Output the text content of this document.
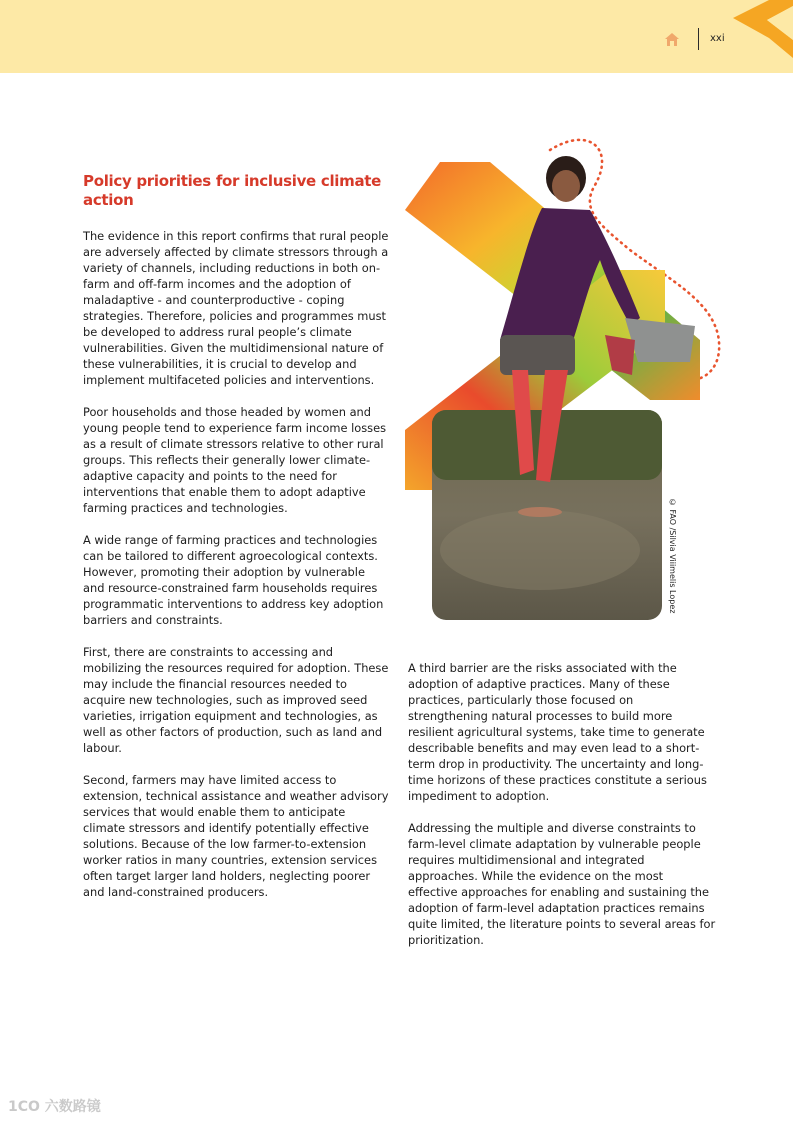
xxi
Policy priorities for inclusive climate action

The evidence in this report confirms that rural people are adversely affected by climate stressors through a variety of channels, including reductions in both on-farm and off-farm incomes and the adoption of maladaptive - and counterproductive - coping strategies. Therefore, policies and programmes must be developed to address rural people’s climate vulnerabilities. Given the multidimensional nature of these vulnerabilities, it is crucial to develop and implement multifaceted policies and interventions.

Poor households and those headed by women and young people tend to experience farm income losses as a result of climate stressors relative to other rural groups. This reflects their generally lower climate-adaptive capacity and points to the need for interventions that enable them to adopt adaptive farming practices and technologies.

A wide range of farming practices and technologies can be tailored to different agroecological contexts. However, promoting their adoption by vulnerable and resource-constrained farm households requires programmatic interventions to address key adoption barriers and constraints.

First, there are constraints to accessing and mobilizing the resources required for adoption. These may include the financial resources needed to acquire new technologies, such as improved seed varieties, irrigation equipment and technologies, as well as other factors of production, such as land and labour.

Second, farmers may have limited access to extension, technical assistance and weather advisory services that would enable them to anticipate climate stressors and identify potentially effective solutions. Because of the low farmer-to-extension worker ratios in many countries, extension services often target larger land holders, neglecting poorer and land-constrained producers.

© FAO /Silvia Viiimelis Lopez

A third barrier are the risks associated with the adoption of adaptive practices. Many of these practices, particularly those focused on strengthening natural processes to build more resilient agricultural systems, take time to generate describable benefits and may even lead to a short-term drop in productivity. The uncertainty and long-time horizons of these practices constitute a serious impediment to adoption.

Addressing the multiple and diverse constraints to farm-level climate adaptation by vulnerable people requires multidimensional and integrated approaches. While the evidence on the most effective approaches for enabling and sustaining the adoption of farm-level adaptation practices remains quite limited, the literature points to several areas for prioritization.

1CO 六数路镜
